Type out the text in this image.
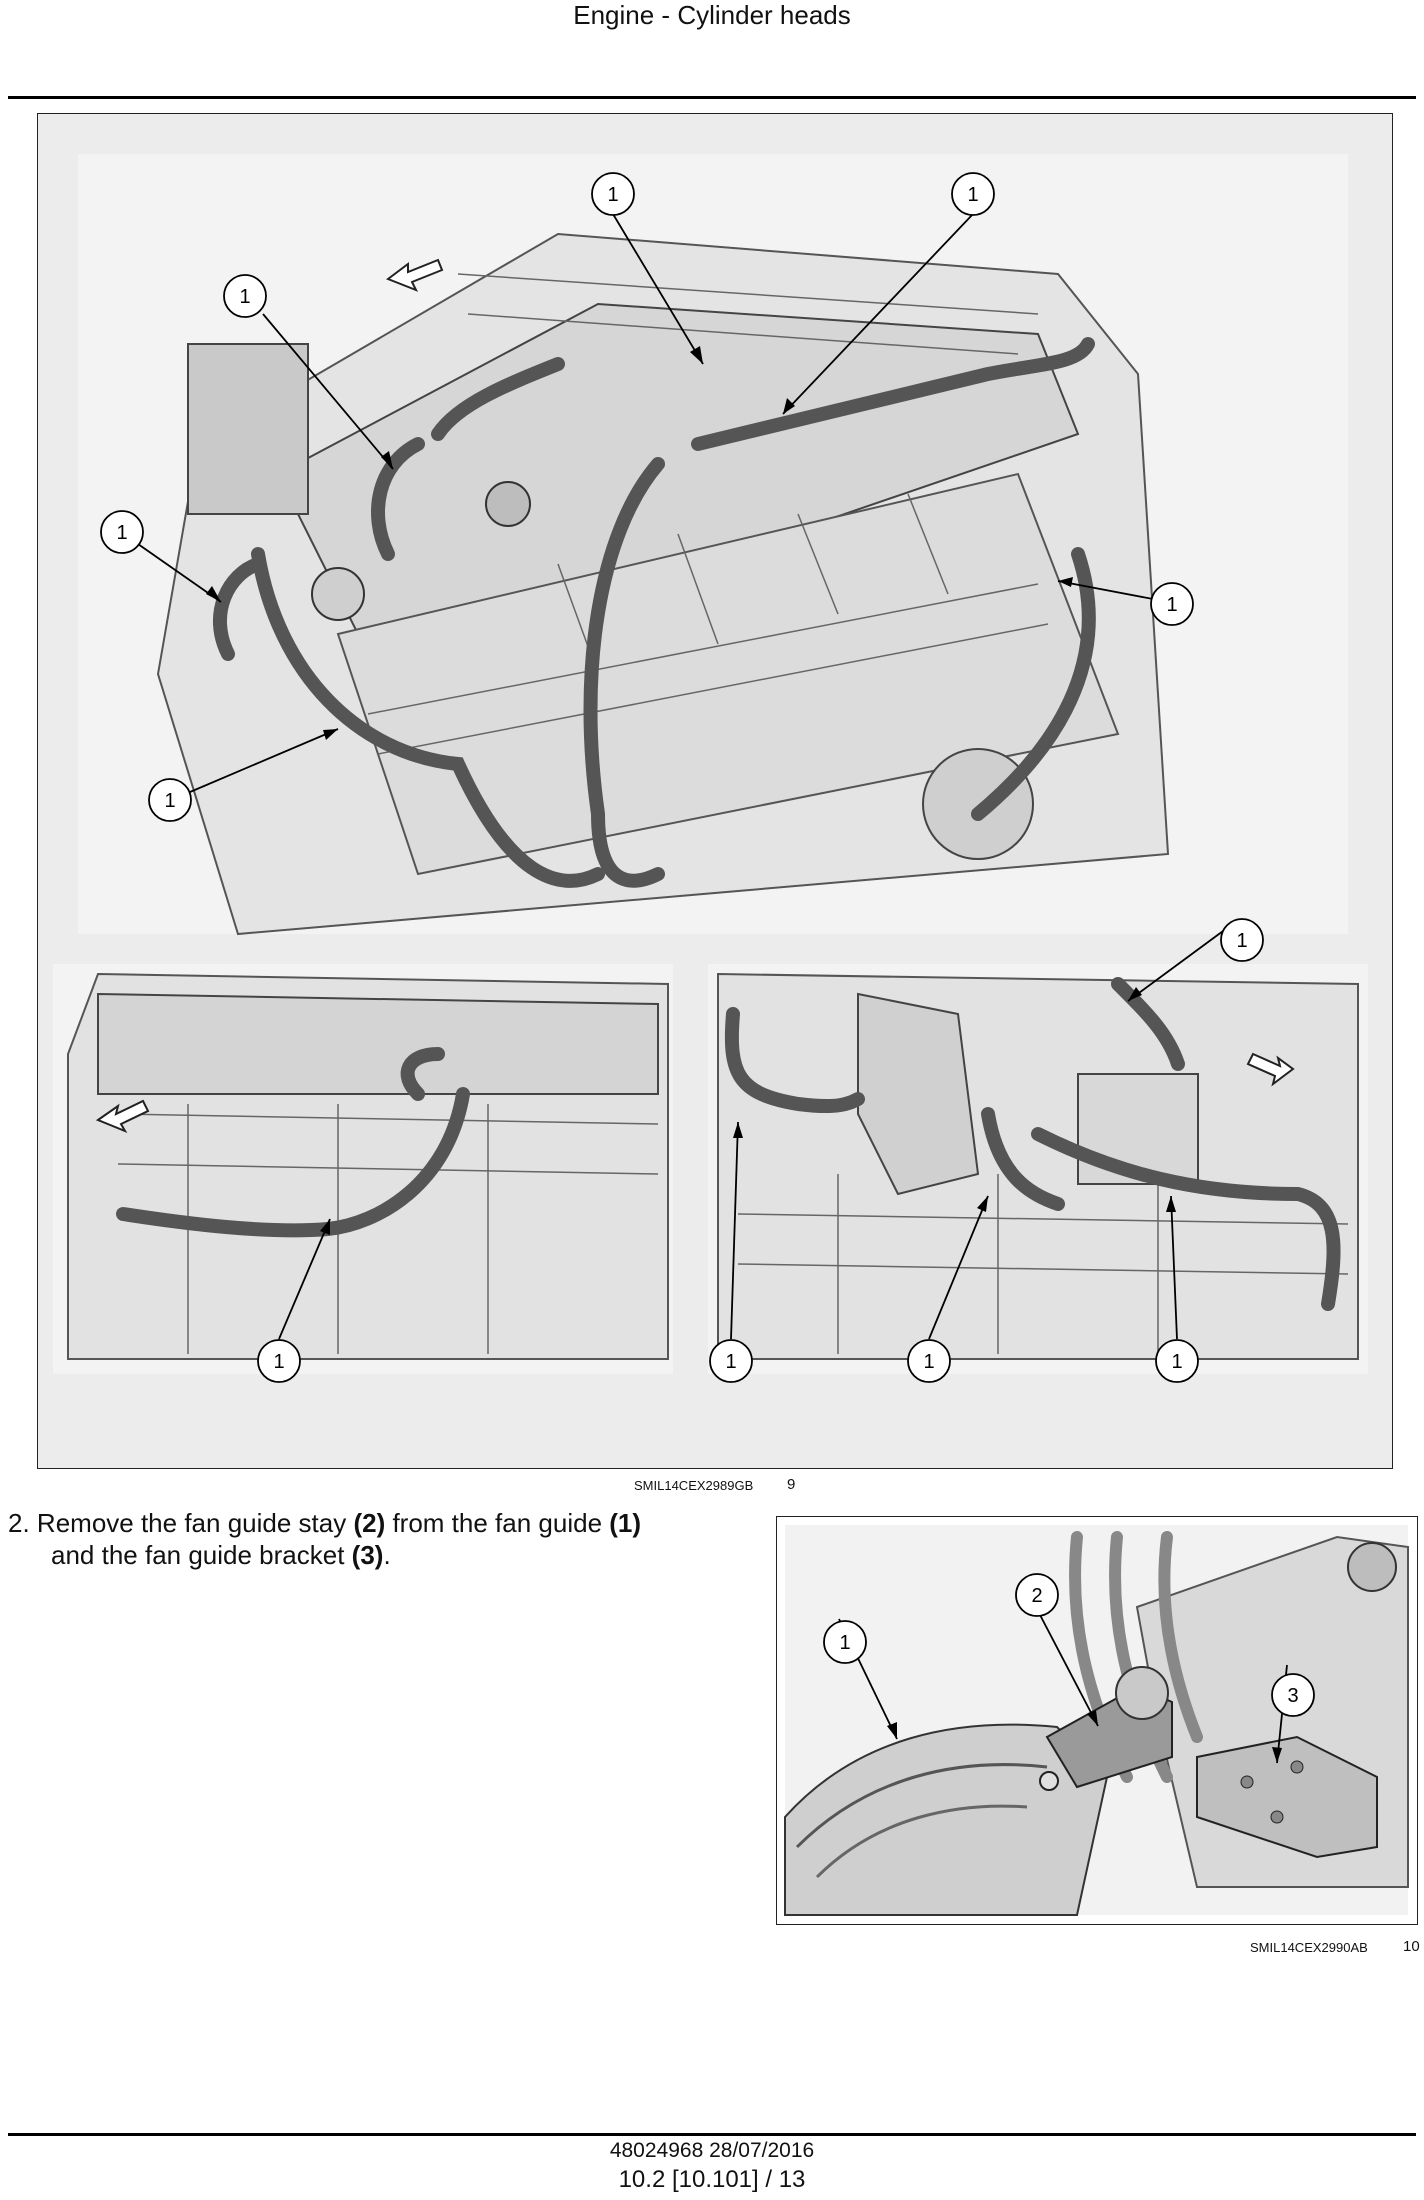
Engine - Cylinder heads
1	1
1
1
1
1
1
1	1	1	1
SMIL14CEX2989GB 9
2. Remove the fan guide stay (2) from the fan guide (1)
and the fan guide bracket (3).
1
2
3
SMIL14CEX2990AB 10
48024968 28/07/2016
10.2 [10.101] / 13
